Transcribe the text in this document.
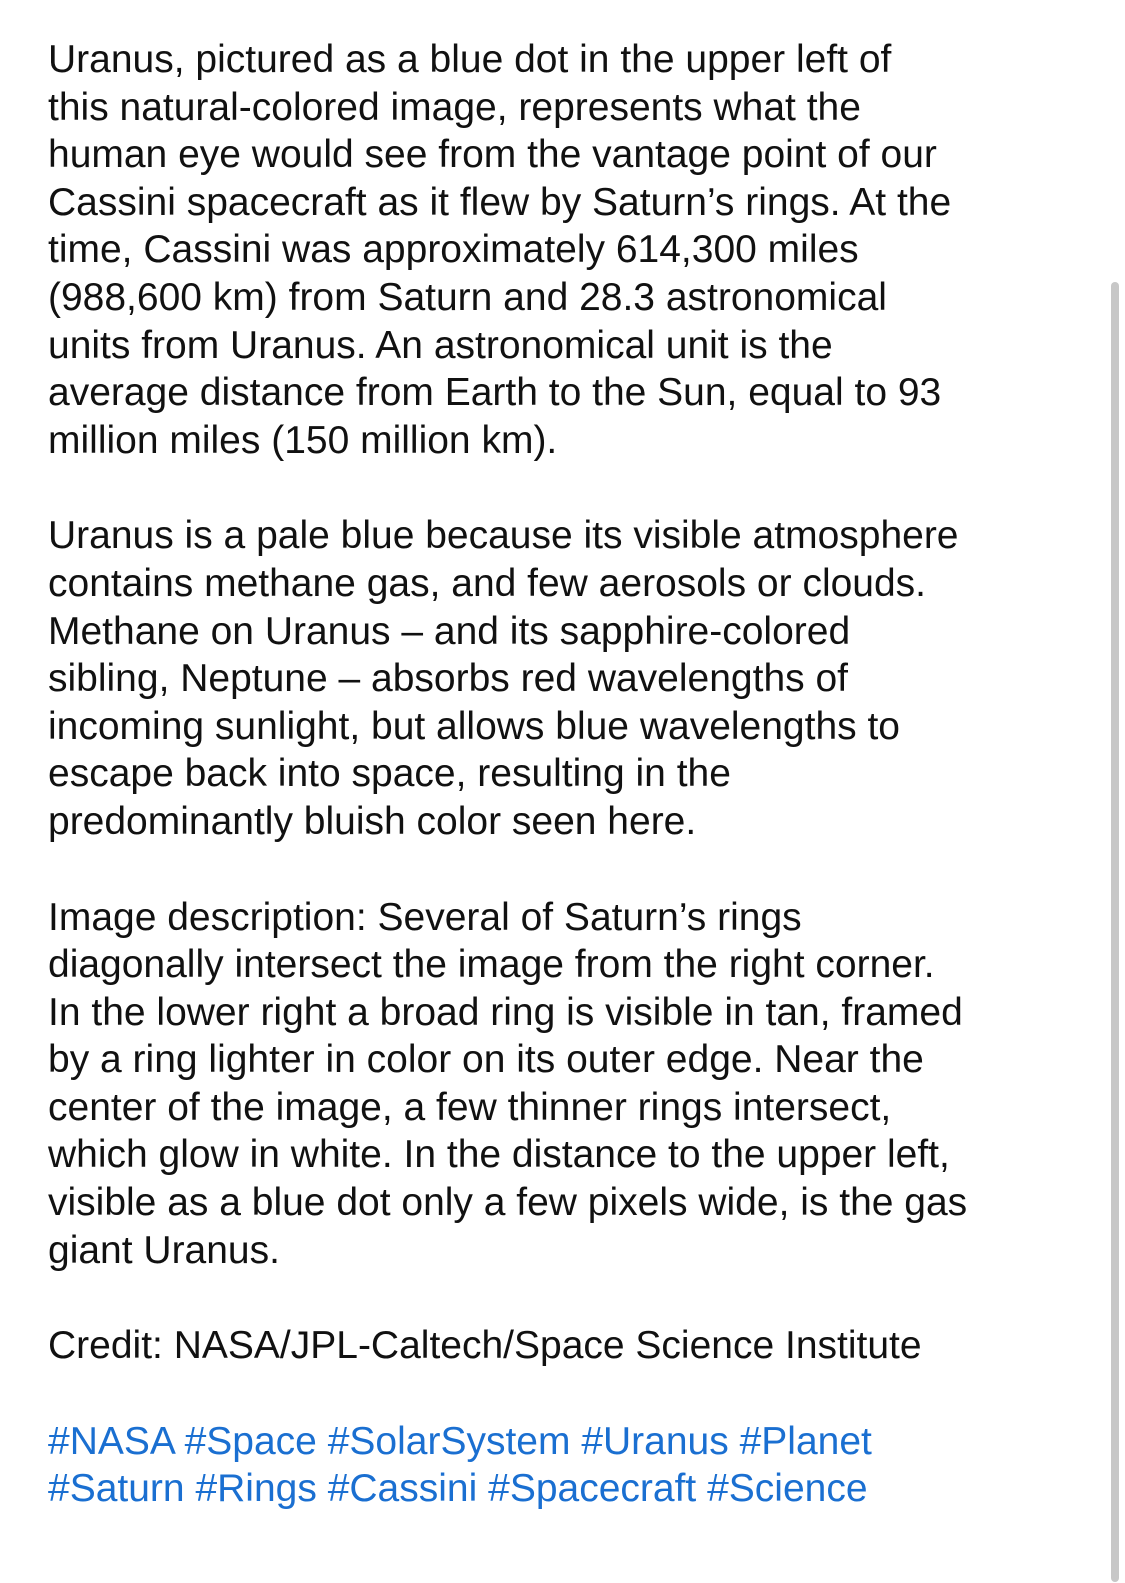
Uranus, pictured as a blue dot in the upper left of
this natural-colored image, represents what the
human eye would see from the vantage point of our
Cassini spacecraft as it flew by Saturn’s rings. At the
time, Cassini was approximately 614,300 miles
(988,600 km) from Saturn and 28.3 astronomical
units from Uranus. An astronomical unit is the
average distance from Earth to the Sun, equal to 93
million miles (150 million km).

Uranus is a pale blue because its visible atmosphere
contains methane gas, and few aerosols or clouds.
Methane on Uranus – and its sapphire-colored
sibling, Neptune – absorbs red wavelengths of
incoming sunlight, but allows blue wavelengths to
escape back into space, resulting in the
predominantly bluish color seen here.

Image description: Several of Saturn’s rings
diagonally intersect the image from the right corner.
In the lower right a broad ring is visible in tan, framed
by a ring lighter in color on its outer edge. Near the
center of the image, a few thinner rings intersect,
which glow in white. In the distance to the upper left,
visible as a blue dot only a few pixels wide, is the gas
giant Uranus.

Credit: NASA/JPL-Caltech/Space Science Institute

#NASA #Space #SolarSystem #Uranus #Planet
#Saturn #Rings #Cassini #Spacecraft #Science
